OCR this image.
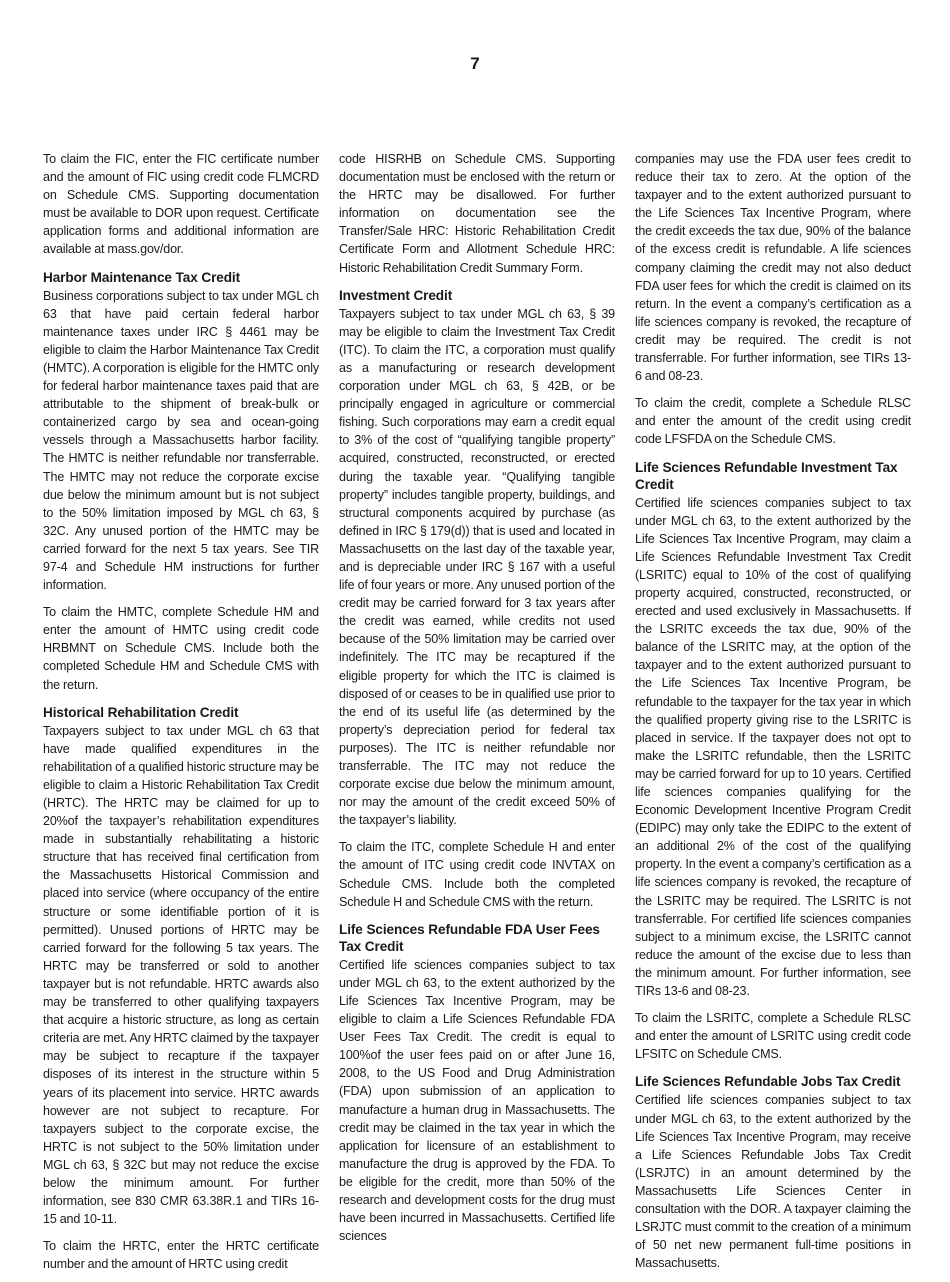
7

To claim the FIC, enter the FIC certificate number and the amount of FIC using credit code FLMCRD on Schedule CMS. Supporting documentation must be available to DOR upon request. Certificate application forms and additional information are available at mass.gov/dor.

Harbor Maintenance Tax Credit

Business corporations subject to tax under MGL ch 63 that have paid certain federal harbor maintenance taxes under IRC § 4461 may be eligible to claim the Harbor Maintenance Tax Credit (HMTC). A corporation is eligible for the HMTC only for federal harbor maintenance taxes paid that are attributable to the shipment of break-bulk or containerized cargo by sea and ocean-going vessels through a Massachusetts harbor facility. The HMTC is neither refundable nor transferrable. The HMTC may not reduce the corporate excise due below the minimum amount but is not subject to the 50% limitation imposed by MGL ch 63, § 32C. Any unused portion of the HMTC may be carried forward for the next 5 tax years. See TIR 97-4 and Schedule HM instructions for further information.

To claim the HMTC, complete Schedule HM and enter the amount of HMTC using credit code HRBMNT on Schedule CMS. Include both the completed Schedule HM and Schedule CMS with the return.

Historical Rehabilitation Credit

Taxpayers subject to tax under MGL ch 63 that have made qualified expenditures in the rehabilitation of a qualified historic structure may be eligible to claim a Historic Rehabilitation Tax Credit (HRTC). The HRTC may be claimed for up to 20%of the taxpayer’s rehabilitation expenditures made in substantially rehabilitating a historic structure that has received final certification from the Massachusetts Historical Commission and placed into service (where occupancy of the entire structure or some identifiable portion of it is permitted). Unused portions of HRTC may be carried forward for the following 5 tax years. The HRTC may be transferred or sold to another taxpayer but is not refundable. HRTC awards also may be transferred to other qualifying taxpayers that acquire a historic structure, as long as certain criteria are met. Any HRTC claimed by the taxpayer may be subject to recapture if the taxpayer disposes of its interest in the structure within 5 years of its placement into service. HRTC awards however are not subject to recapture. For taxpayers subject to the corporate excise, the HRTC is not subject to the 50% limitation under MGL ch 63, § 32C but may not reduce the excise below the minimum amount. For further information, see 830 CMR 63.38R.1 and TIRs 16-15 and 10-11.

To claim the HRTC, enter the HRTC certificate number and the amount of HRTC using credit

code HISRHB on Schedule CMS. Supporting documentation must be enclosed with the return or the HRTC may be disallowed. For further information on documentation see the Transfer/Sale HRC: Historic Rehabilitation Credit Certificate Form and Allotment Schedule HRC: Historic Rehabilitation Credit Summary Form.

Investment Credit

Taxpayers subject to tax under MGL ch 63, § 39 may be eligible to claim the Investment Tax Credit (ITC). To claim the ITC, a corporation must qualify as a manufacturing or research development corporation under MGL ch 63, § 42B, or be principally engaged in agriculture or commercial fishing. Such corporations may earn a credit equal to 3% of the cost of “qualifying tangible property” acquired, constructed, reconstructed, or erected during the taxable year. “Qualifying tangible property” includes tangible property, buildings, and structural components acquired by purchase (as defined in IRC § 179(d)) that is used and located in Massachusetts on the last day of the taxable year, and is depreciable under IRC § 167 with a useful life of four years or more. Any unused portion of the credit may be carried forward for 3 tax years after the credit was earned, while credits not used because of the 50% limitation may be carried over indefinitely. The ITC may be recaptured if the eligible property for which the ITC is claimed is disposed of or ceases to be in qualified use prior to the end of its useful life (as determined by the property’s depreciation period for federal tax purposes). The ITC is neither refundable nor transferrable. The ITC may not reduce the corporate excise due below the minimum amount, nor may the amount of the credit exceed 50% of the taxpayer’s liability.

To claim the ITC, complete Schedule H and enter the amount of ITC using credit code INVTAX on Schedule CMS. Include both the completed Schedule H and Schedule CMS with the return.

Life Sciences Refundable FDA User Fees Tax Credit

Certified life sciences companies subject to tax under MGL ch 63, to the extent authorized by the Life Sciences Tax Incentive Program, may be eligible to claim a Life Sciences Refundable FDA User Fees Tax Credit. The credit is equal to 100%of the user fees paid on or after June 16, 2008, to the US Food and Drug Administration (FDA) upon submission of an application to manufacture a human drug in Massachusetts. The credit may be claimed in the tax year in which the application for licensure of an establishment to manufacture the drug is approved by the FDA. To be eligible for the credit, more than 50% of the research and development costs for the drug must have been incurred in Massachusetts. Certified life sciences

companies may use the FDA user fees credit to reduce their tax to zero. At the option of the taxpayer and to the extent authorized pursuant to the Life Sciences Tax Incentive Program, where the credit exceeds the tax due, 90% of the balance of the excess credit is refundable. A life sciences company claiming the credit may not also deduct FDA user fees for which the credit is claimed on its return. In the event a company’s certification as a life sciences company is revoked, the recapture of credit may be required. The credit is not transferrable. For further information, see TIRs 13-6 and 08-23.

To claim the credit, complete a Schedule RLSC and enter the amount of the credit using credit code LFSFDA on the Schedule CMS.

Life Sciences Refundable Investment Tax Credit

Certified life sciences companies subject to tax under MGL ch 63, to the extent authorized by the Life Sciences Tax Incentive Program, may claim a Life Sciences Refundable Investment Tax Credit (LSRITC) equal to 10% of the cost of qualifying property acquired, constructed, reconstructed, or erected and used exclusively in Massachusetts. If the LSRITC exceeds the tax due, 90% of the balance of the LSRITC may, at the option of the taxpayer and to the extent authorized pursuant to the Life Sciences Tax Incentive Program, be refundable to the taxpayer for the tax year in which the qualified property giving rise to the LSRITC is placed in service. If the taxpayer does not opt to make the LSRITC refundable, then the LSRITC may be carried forward for up to 10 years. Certified life sciences companies qualifying for the Economic Development Incentive Program Credit (EDIPC) may only take the EDIPC to the extent of an additional 2% of the cost of the qualifying property. In the event a company’s certification as a life sciences company is revoked, the recapture of the LSRITC may be required. The LSRITC is not transferrable. For certified life sciences companies subject to a minimum excise, the LSRITC cannot reduce the amount of the excise due to less than the minimum amount. For further information, see TIRs 13-6 and 08-23.

To claim the LSRITC, complete a Schedule RLSC and enter the amount of LSRITC using credit code LFSITC on Schedule CMS.

Life Sciences Refundable Jobs Tax Credit

Certified life sciences companies subject to tax under MGL ch 63, to the extent authorized by the Life Sciences Tax Incentive Program, may receive a Life Sciences Refundable Jobs Tax Credit (LSRJTC) in an amount determined by the Massachusetts Life Sciences Center in consultation with the DOR. A taxpayer claiming the LSRJTC must commit to the creation of a minimum of 50 net new permanent full-time positions in Massachusetts.
